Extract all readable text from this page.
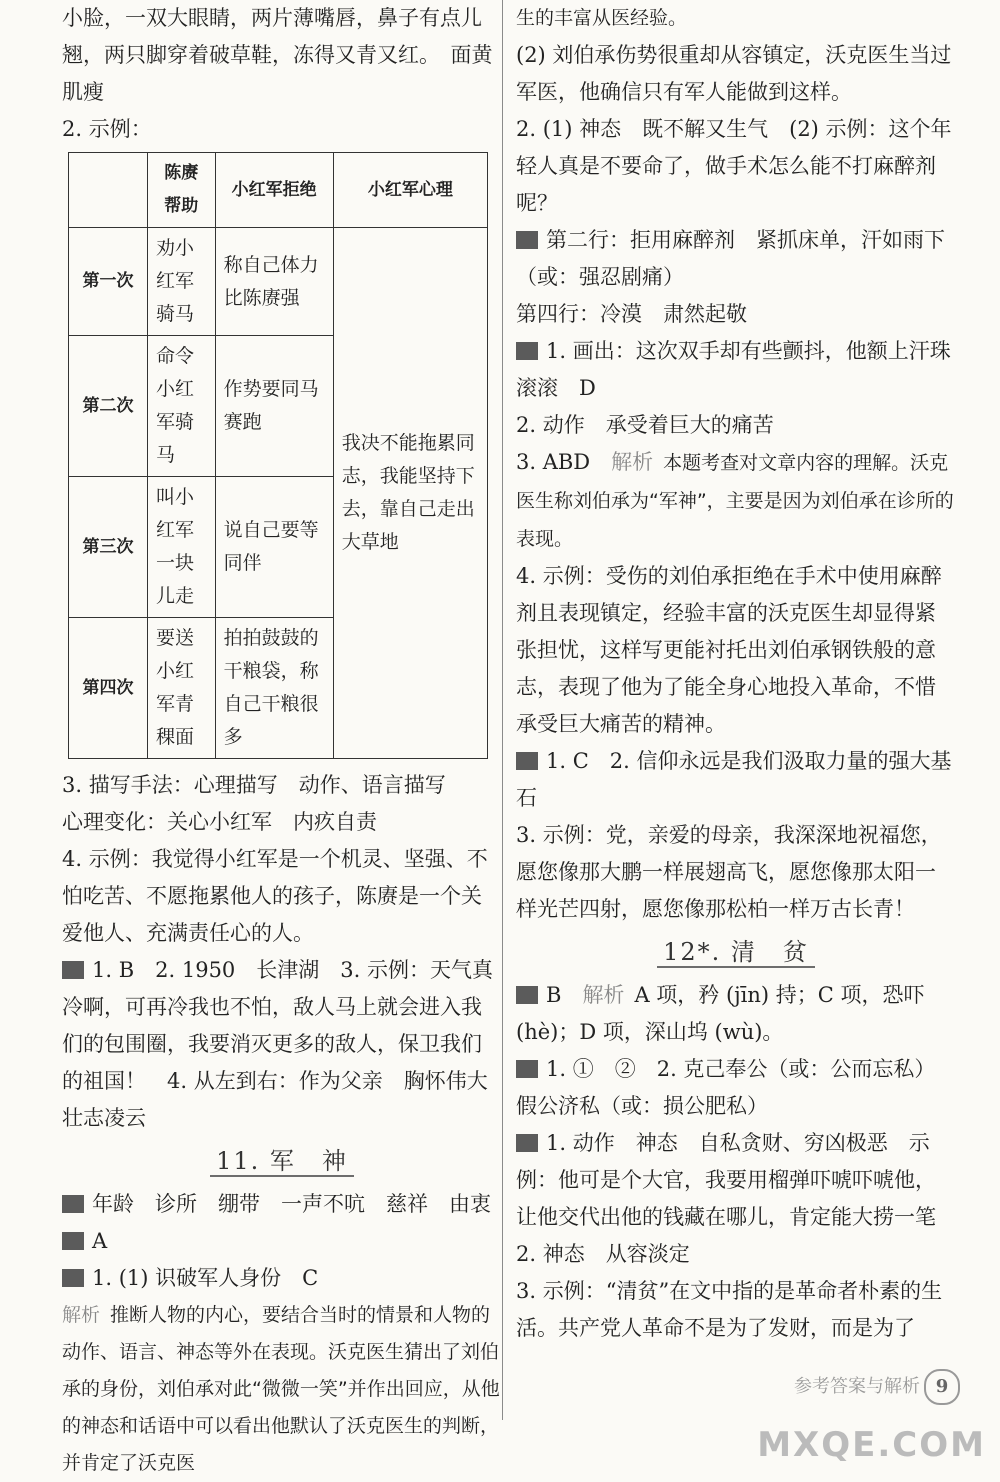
小脸，一双大眼睛，两片薄嘴唇，鼻子有点儿翘，两只脚穿着破草鞋，冻得又青又红。　面黄肌瘦

2. 示例：

	陈赓帮助	小红军拒绝	小红军心理
第一次	劝小红军骑马	称自己体力比陈赓强	我决不能拖累同志，我能坚持下去，靠自己走出大草地
第二次	命令小红军骑马	作势要同马赛跑	
第三次	叫小红军一块儿走	说自己要等同伴	
第四次	要送小红军青稞面	拍拍鼓鼓的干粮袋，称自己干粮很多	

3. 描写手法：心理描写　动作、语言描写

心理变化：关心小红军　内疚自责

4. 示例：我觉得小红军是一个机灵、坚强、不怕吃苦、不愿拖累他人的孩子，陈赓是一个关爱他人、充满责任心的人。

1. B　2. 1950　长津湖　3. 示例：天气真冷啊，可再冷我也不怕，敌人马上就会进入我们的包围圈，我要消灭更多的敌人，保卫我们的祖国！　4. 从左到右：作为父亲　胸怀伟大　壮志凌云

11. 军　神

年龄　诊所　绷带　一声不吭　慈祥　由衷

A

1. (1) 识破军人身份　C

解析 推断人物的内心，要结合当时的情景和人物的动作、语言、神态等外在表现。沃克医生猜出了刘伯承的身份，刘伯承对此“微微一笑”并作出回应，从他的神态和话语中可以看出他默认了沃克医生的判断，并肯定了沃克医

生的丰富从医经验。

(2) 刘伯承伤势很重却从容镇定，沃克医生当过军医，他确信只有军人能做到这样。

2. (1) 神态　既不解又生气　(2) 示例：这个年轻人真是不要命了，做手术怎么能不打麻醉剂呢？

第二行：拒用麻醉剂　紧抓床单，汗如雨下（或：强忍剧痛）

第四行：冷漠　肃然起敬

1. 画出：这次双手却有些颤抖，他额上汗珠滚滚　D

2. 动作　承受着巨大的痛苦

3. ABD　 解析 本题考查对文章内容的理解。沃克医生称刘伯承为“军神”，主要是因为刘伯承在诊所的表现。

4. 示例：受伤的刘伯承拒绝在手术中使用麻醉剂且表现镇定，经验丰富的沃克医生却显得紧张担忧，这样写更能衬托出刘伯承钢铁般的意志，表现了他为了能全身心地投入革命，不惜承受巨大痛苦的精神。

1. C　2. 信仰永远是我们汲取力量的强大基石

3. 示例：党，亲爱的母亲，我深深地祝福您，愿您像那大鹏一样展翅高飞，愿您像那太阳一样光芒四射，愿您像那松柏一样万古长青！

12*. 清　贫

B　 解析 A 项，矜 (jīn) 持；C 项，恐吓 (hè)；D 项，深山坞 (wù)。

1. ①　②　2. 克己奉公（或：公而忘私）　假公济私（或：损公肥私）

1. 动作　神态　自私贪财、穷凶极恶　示例：他可是个大官，我要用榴弹吓唬吓唬他，让他交代出他的钱藏在哪儿，肯定能大捞一笔

2. 神态　从容淡定

3. 示例：“清贫”在文中指的是革命者朴素的生活。共产党人革命不是为了发财，而是为了

参考答案与解析 9
MXQE.COM
